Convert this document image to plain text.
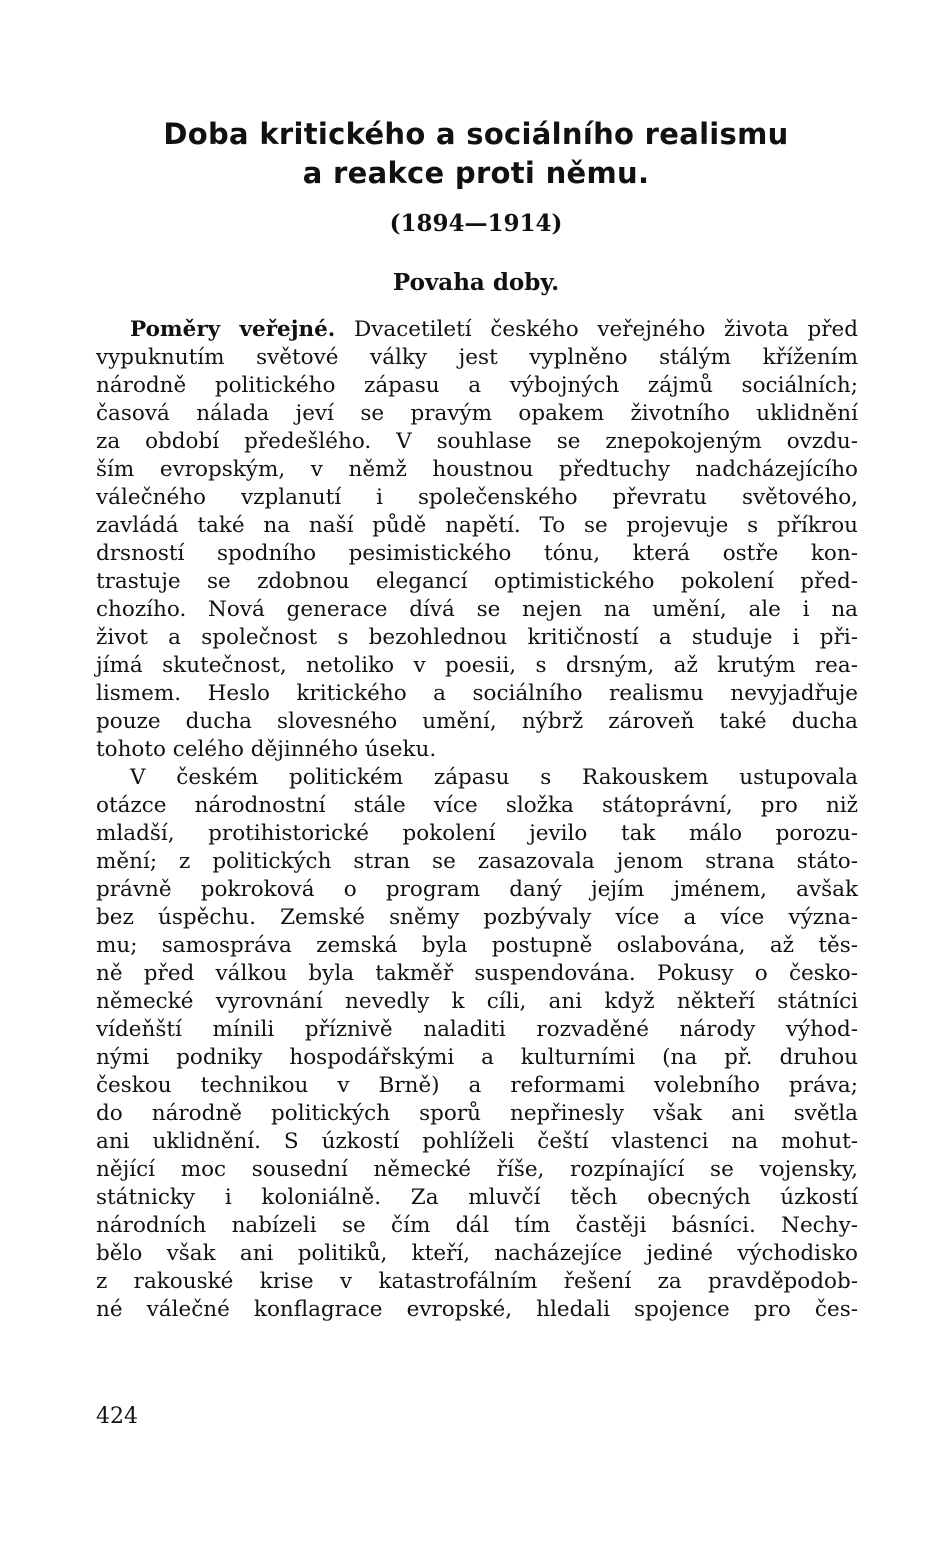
Doba kritického a sociálního realismu
a reakce proti němu.
(1894—1914)
Povaha doby.
Poměry veřejné. Dvacetiletí českého veřejného života před
vypuknutím světové války jest vyplněno stálým křížením
národně politického zápasu a výbojných zájmů sociálních;
časová nálada jeví se pravým opakem životního uklidnění
za období předešlého. V souhlase se znepokojeným ovzdu-
ším evropským, v němž houstnou předtuchy nadcházejícího
válečného vzplanutí i společenského převratu světového,
zavládá také na naší půdě napětí. To se projevuje s příkrou
drsností spodního pesimistického tónu, která ostře kon-
trastuje se zdobnou elegancí optimistického pokolení před-
chozího. Nová generace dívá se nejen na umění, ale i na
život a společnost s bezohlednou kritičností a studuje i při-
jímá skutečnost, netoliko v poesii, s drsným, až krutým rea-
lismem. Heslo kritického a sociálního realismu nevyjadřuje
pouze ducha slovesného umění, nýbrž zároveň také ducha
tohoto celého dějinného úseku.
V českém politickém zápasu s Rakouskem ustupovala
otázce národnostní stále více složka státoprávní, pro niž
mladší, protihistorické pokolení jevilo tak málo porozu-
mění; z politických stran se zasazovala jenom strana státo-
právně pokroková o program daný jejím jménem, avšak
bez úspěchu. Zemské sněmy pozbývaly více a více význa-
mu; samospráva zemská byla postupně oslabována, až těs-
ně před válkou byla takměř suspendována. Pokusy o česko-
německé vyrovnání nevedly k cíli, ani když někteří státníci
vídeňští mínili příznivě naladiti rozvaděné národy výhod-
nými podniky hospodářskými a kulturními (na př. druhou
českou technikou v Brně) a reformami volebního práva;
do národně politických sporů nepřinesly však ani světla
ani uklidnění. S úzkostí pohlíželi čeští vlastenci na mohut-
nějící moc sousední německé říše, rozpínající se vojensky,
státnicky i koloniálně. Za mluvčí těch obecných úzkostí
národních nabízeli se čím dál tím častěji básníci. Nechy-
bělo však ani politiků, kteří, nacházejíce jediné východisko
z rakouské krise v katastrofálním řešení za pravděpodob-
né válečné konflagrace evropské, hledali spojence pro čes-
424
